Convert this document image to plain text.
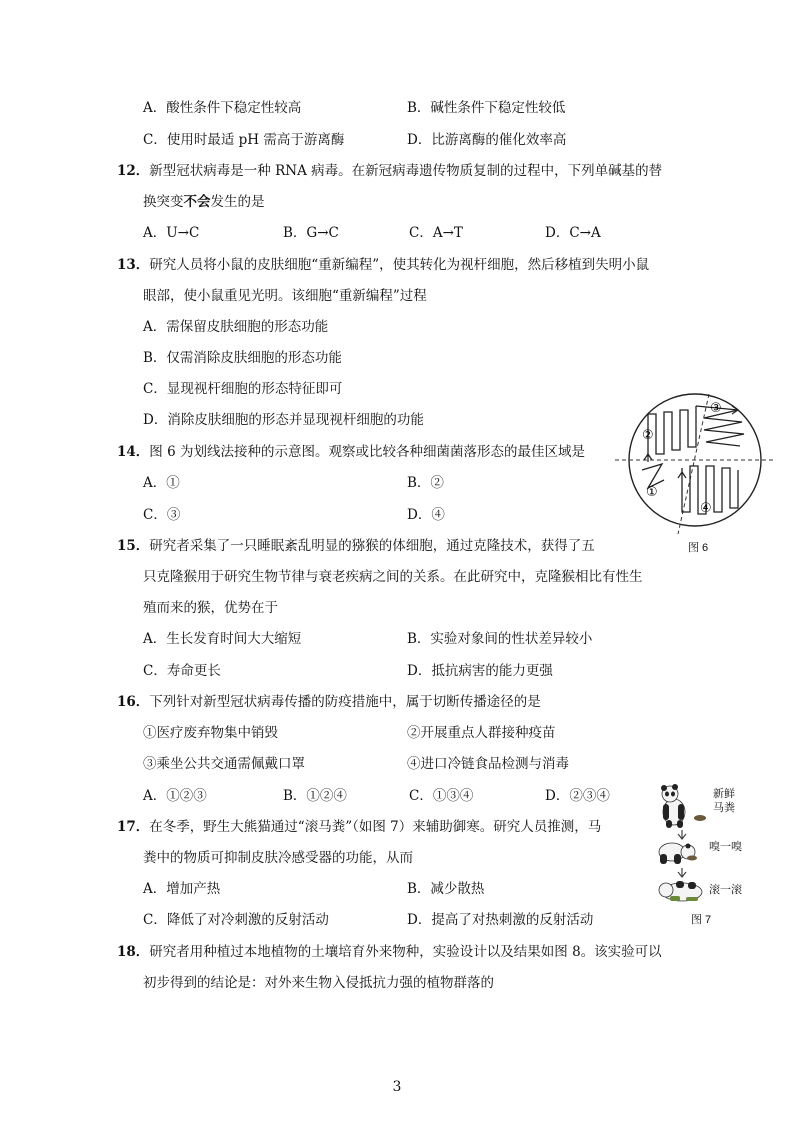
A．酸性条件下稳定性较高	B．碱性条件下稳定性较低
C．使用时最适 pH 需高于游离酶	D．比游离酶的催化效率高
12．新型冠状病毒是一种 RNA 病毒。在新冠病毒遗传物质复制的过程中，下列单碱基的替
换突变不会发生的是
A．U→C	B．G→C	C．A→T	D．C→A
13．研究人员将小鼠的皮肤细胞“重新编程”，使其转化为视杆细胞，然后移植到失明小鼠
眼部，使小鼠重见光明。该细胞“重新编程”过程
A．需保留皮肤细胞的形态功能
B．仅需消除皮肤细胞的形态功能
C．显现视杆细胞的形态特征即可
D．消除皮肤细胞的形态并显现视杆细胞的功能
14．图 6 为划线法接种的示意图。观察或比较各种细菌菌落形态的最佳区域是
A．①	B．②
C．③	D．④
②
③
①
④
图 6
15．研究者采集了一只睡眠紊乱明显的猕猴的体细胞，通过克隆技术，获得了五
只克隆猴用于研究生物节律与衰老疾病之间的关系。在此研究中，克隆猴相比有性生
殖而来的猴，优势在于
A．生长发育时间大大缩短	B．实验对象间的性状差异较小
C．寿命更长	D．抵抗病害的能力更强
16．下列针对新型冠状病毒传播的防疫措施中，属于切断传播途径的是
①医疗废弃物集中销毁	②开展重点人群接种疫苗
③乘坐公共交通需佩戴口罩	④进口冷链食品检测与消毒
A．①②③	B．①②④	C．①③④	D．②③④	新鲜
马粪
嗅一嗅
滚一滚
图 7
17．在冬季，野生大熊猫通过“滚马粪”（如图 7）来辅助御寒。研究人员推测，马
粪中的物质可抑制皮肤冷感受器的功能，从而
A．增加产热	B．减少散热
C．降低了对冷刺激的反射活动	D．提高了对热刺激的反射活动
18．研究者用种植过本地植物的土壤培育外来物种，实验设计以及结果如图 8。该实验可以
初步得到的结论是：对外来生物入侵抵抗力强的植物群落的
3
